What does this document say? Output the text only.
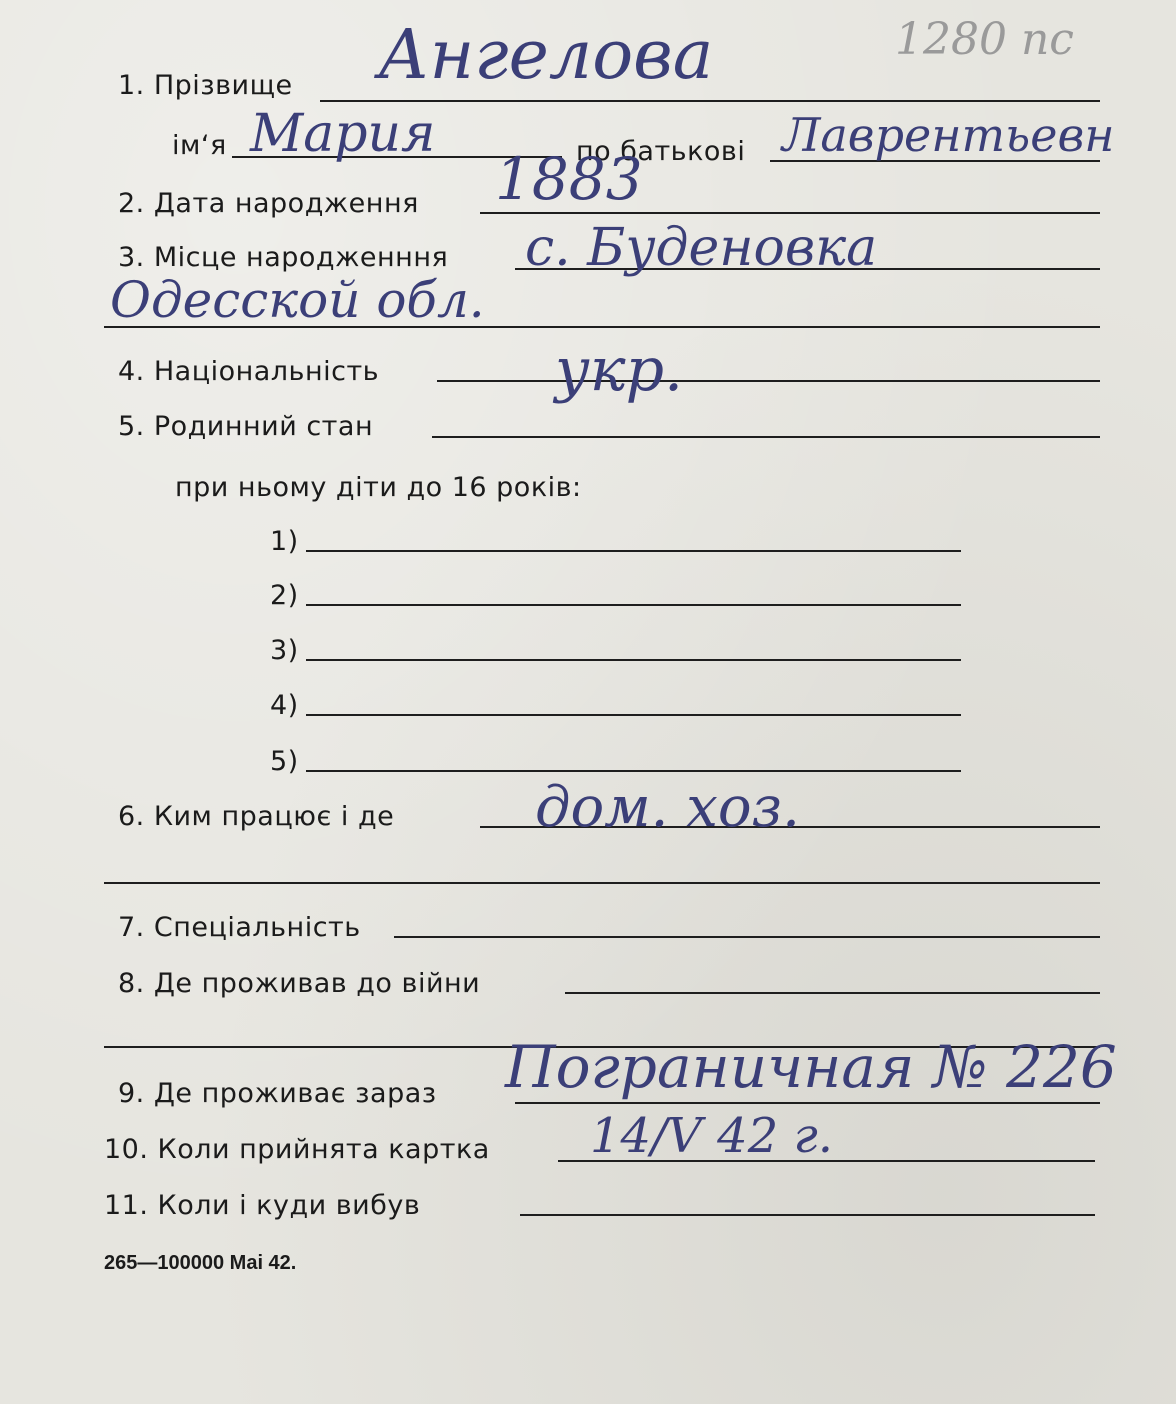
1280 пс
1. Прізвище Ангелова
ім‘я Мария	по батькові Лаврентьевн
2. Дата народження 1883
3. Місце народженння с. Буденовка
Одесской обл.
4. Національність	укр.
5. Родинний стан
при ньому діти до 16 років:
1)
2)
3)
4)
5)
6. Ким працює і де	дом. хоз.
7. Спеціальність
8. Де проживав до війни
9. Де проживає зараз Пограничная № 226
10. Коли прийнята картка 14/V 42 г.
11. Коли і куди вибув
265—100000 Mai 42.
